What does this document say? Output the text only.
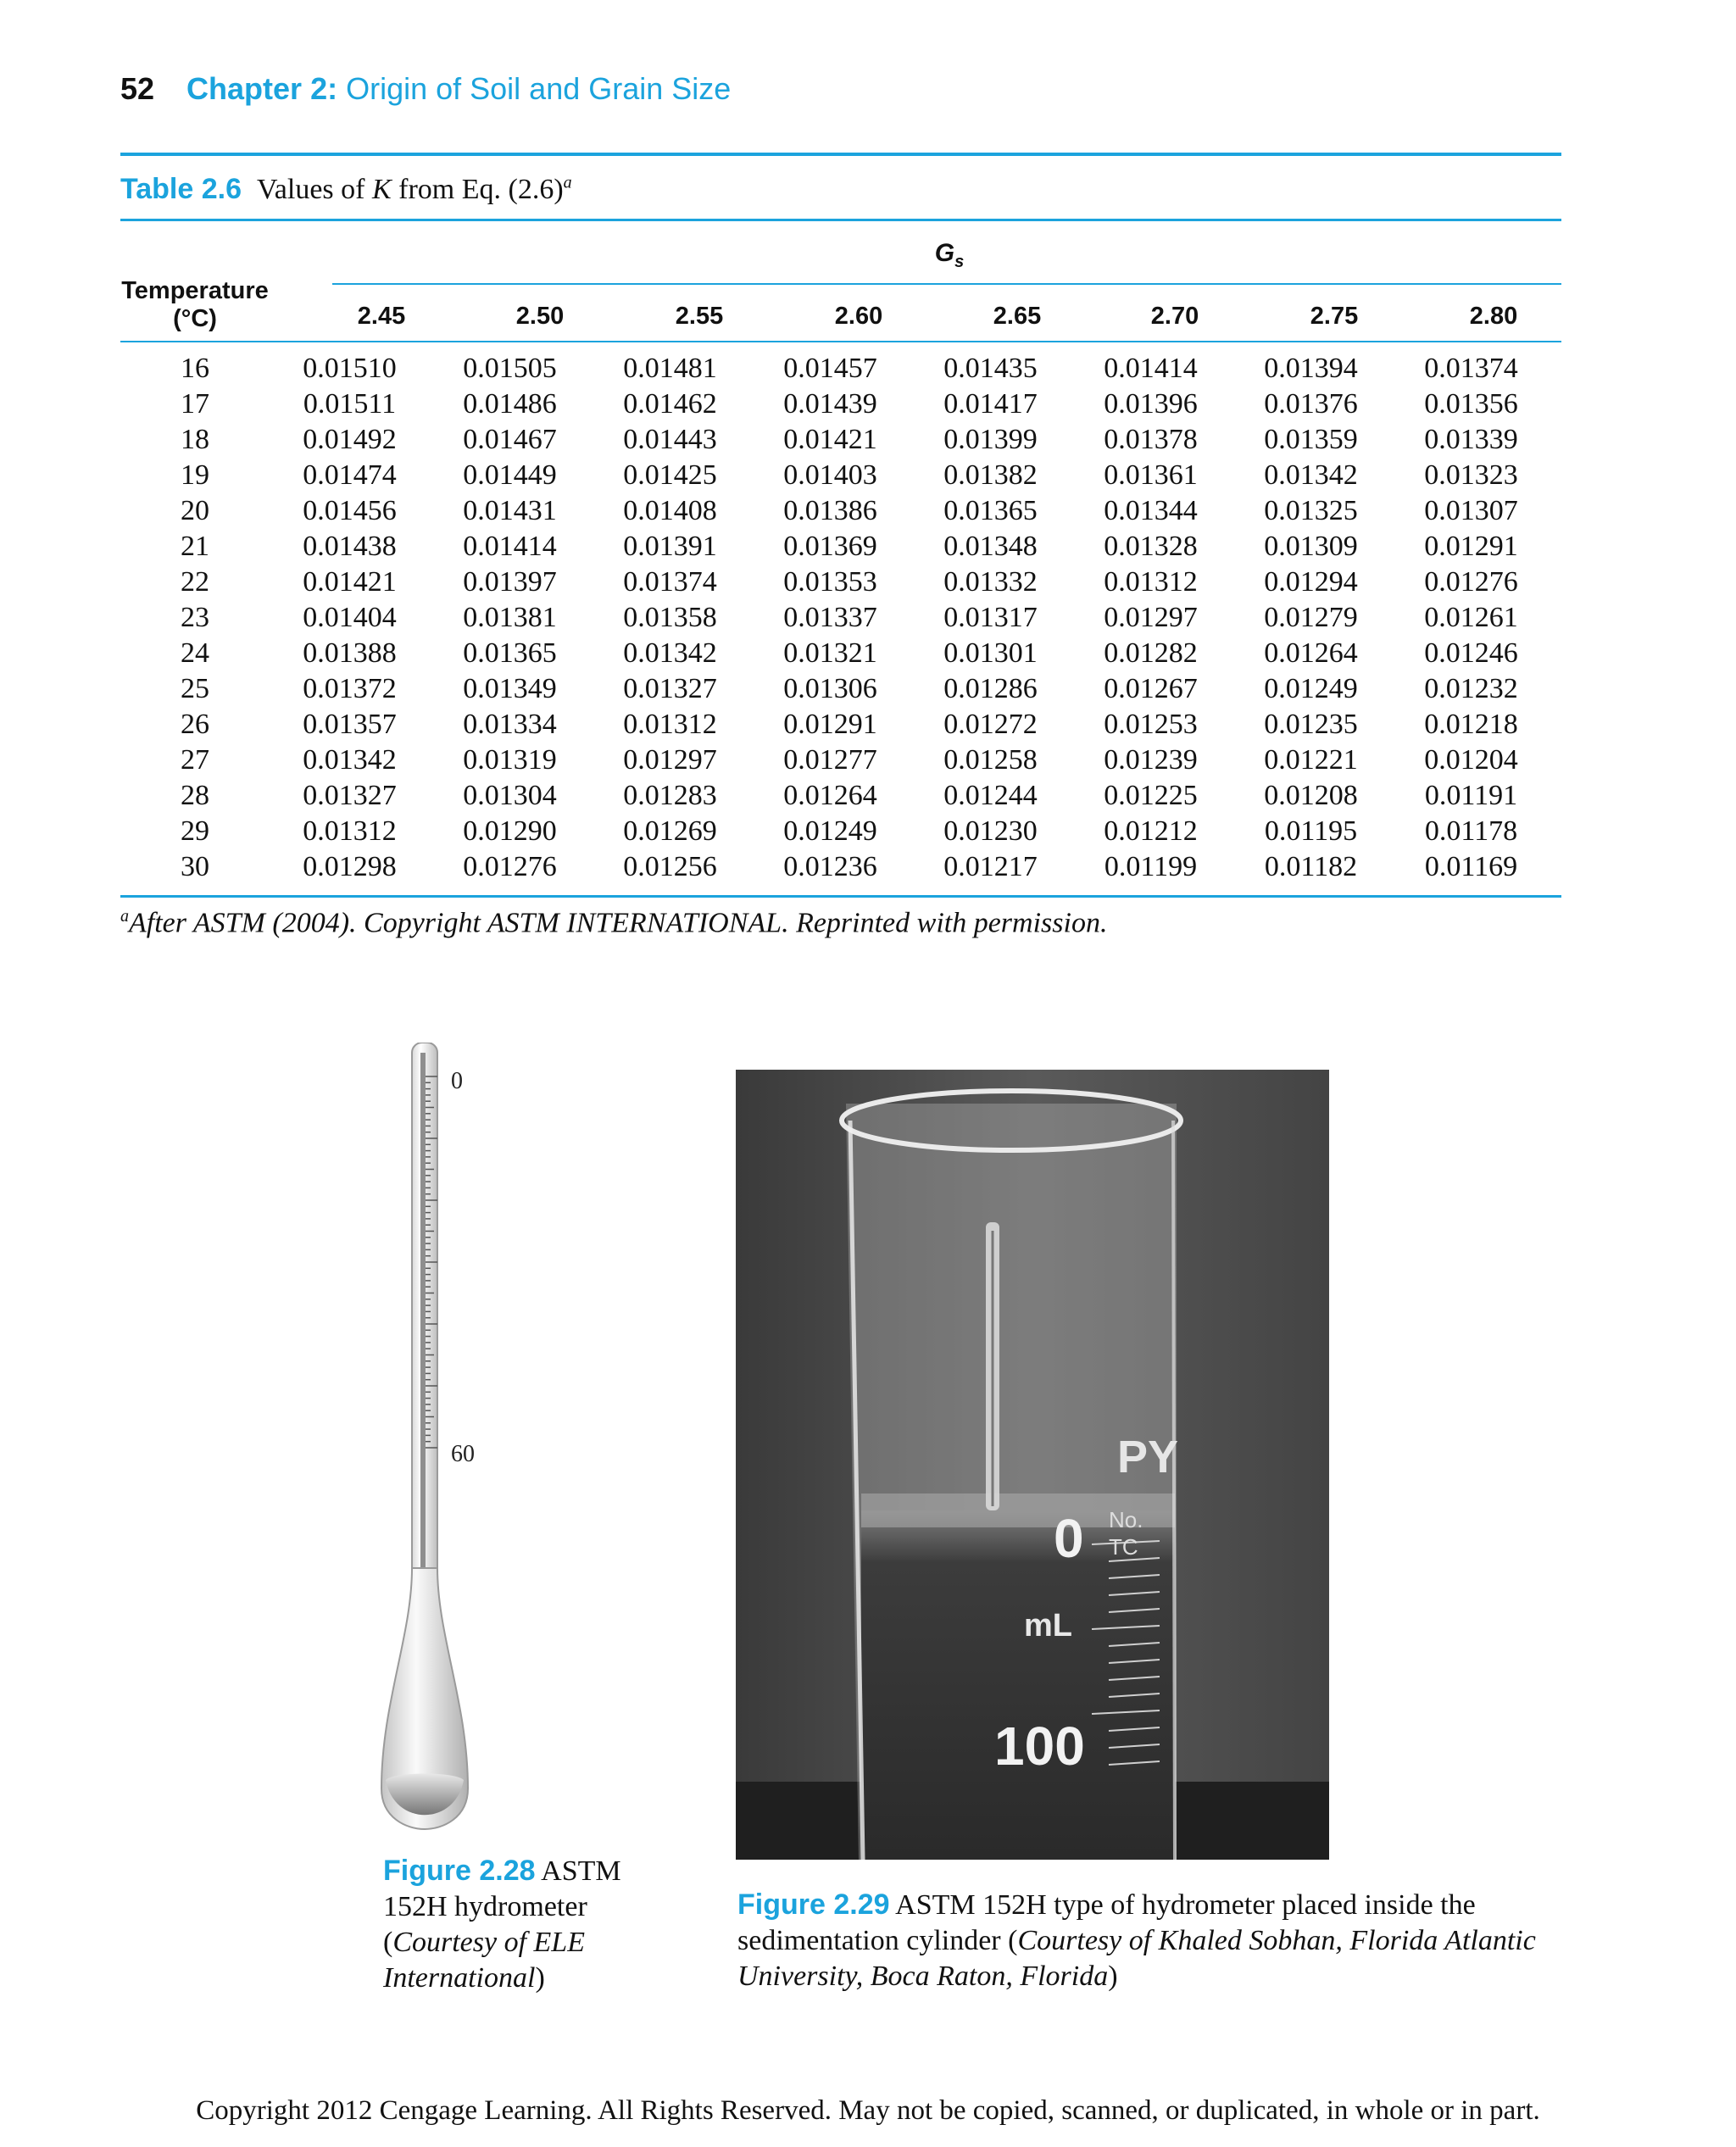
52 Chapter 2: Origin of Soil and Grain Size
Table 2.6 Values of K from Eq. $(2.6)^a$
$G_s$
Temperature
(°C)	2.45	2.50	2.55	2.60	2.65	2.70	2.75	2.80
16	0.01510	0.01505	0.01481	0.01457	0.01435	0.01414	0.01394	0.01374
17	0.01511	0.01486	0.01462	0.01439	0.01417	0.01396	0.01376	0.01356
18	0.01492	0.01467	0.01443	0.01421	0.01399	0.01378	0.01359	0.01339
19	0.01474	0.01449	0.01425	0.01403	0.01382	0.01361	0.01342	0.01323
20	0.01456	0.01431	0.01408	0.01386	0.01365	0.01344	0.01325	0.01307
21	0.01438	0.01414	0.01391	0.01369	0.01348	0.01328	0.01309	0.01291
22	0.01421	0.01397	0.01374	0.01353	0.01332	0.01312	0.01294	0.01276
23	0.01404	0.01381	0.01358	0.01337	0.01317	0.01297	0.01279	0.01261
24	0.01388	0.01365	0.01342	0.01321	0.01301	0.01282	0.01264	0.01246
25	0.01372	0.01349	0.01327	0.01306	0.01286	0.01267	0.01249	0.01232
26	0.01357	0.01334	0.01312	0.01291	0.01272	0.01253	0.01235	0.01218
27	0.01342	0.01319	0.01297	0.01277	0.01258	0.01239	0.01221	0.01204
28	0.01327	0.01304	0.01283	0.01264	0.01244	0.01225	0.01208	0.01191
29	0.01312	0.01290	0.01269	0.01249	0.01230	0.01212	0.01195	0.01178
30	0.01298	0.01276	0.01256	0.01236	0.01217	0.01199	0.01182	0.01169
$^a$After ASTM (2004). Copyright ASTM INTERNATIONAL. Reprinted with permission.
0
60
Figure 2.28 ASTM 152H hydrometer (Courtesy of ELE International)
0
mL
100
PY
No.
TC
Figure 2.29 ASTM 152H type of hydrometer placed inside the sedimentation cylinder (Courtesy of Khaled Sobhan, Florida Atlantic University, Boca Raton, Florida)
Copyright 2012 Cengage Learning. All Rights Reserved. May not be copied, scanned, or duplicated, in whole or in part.
